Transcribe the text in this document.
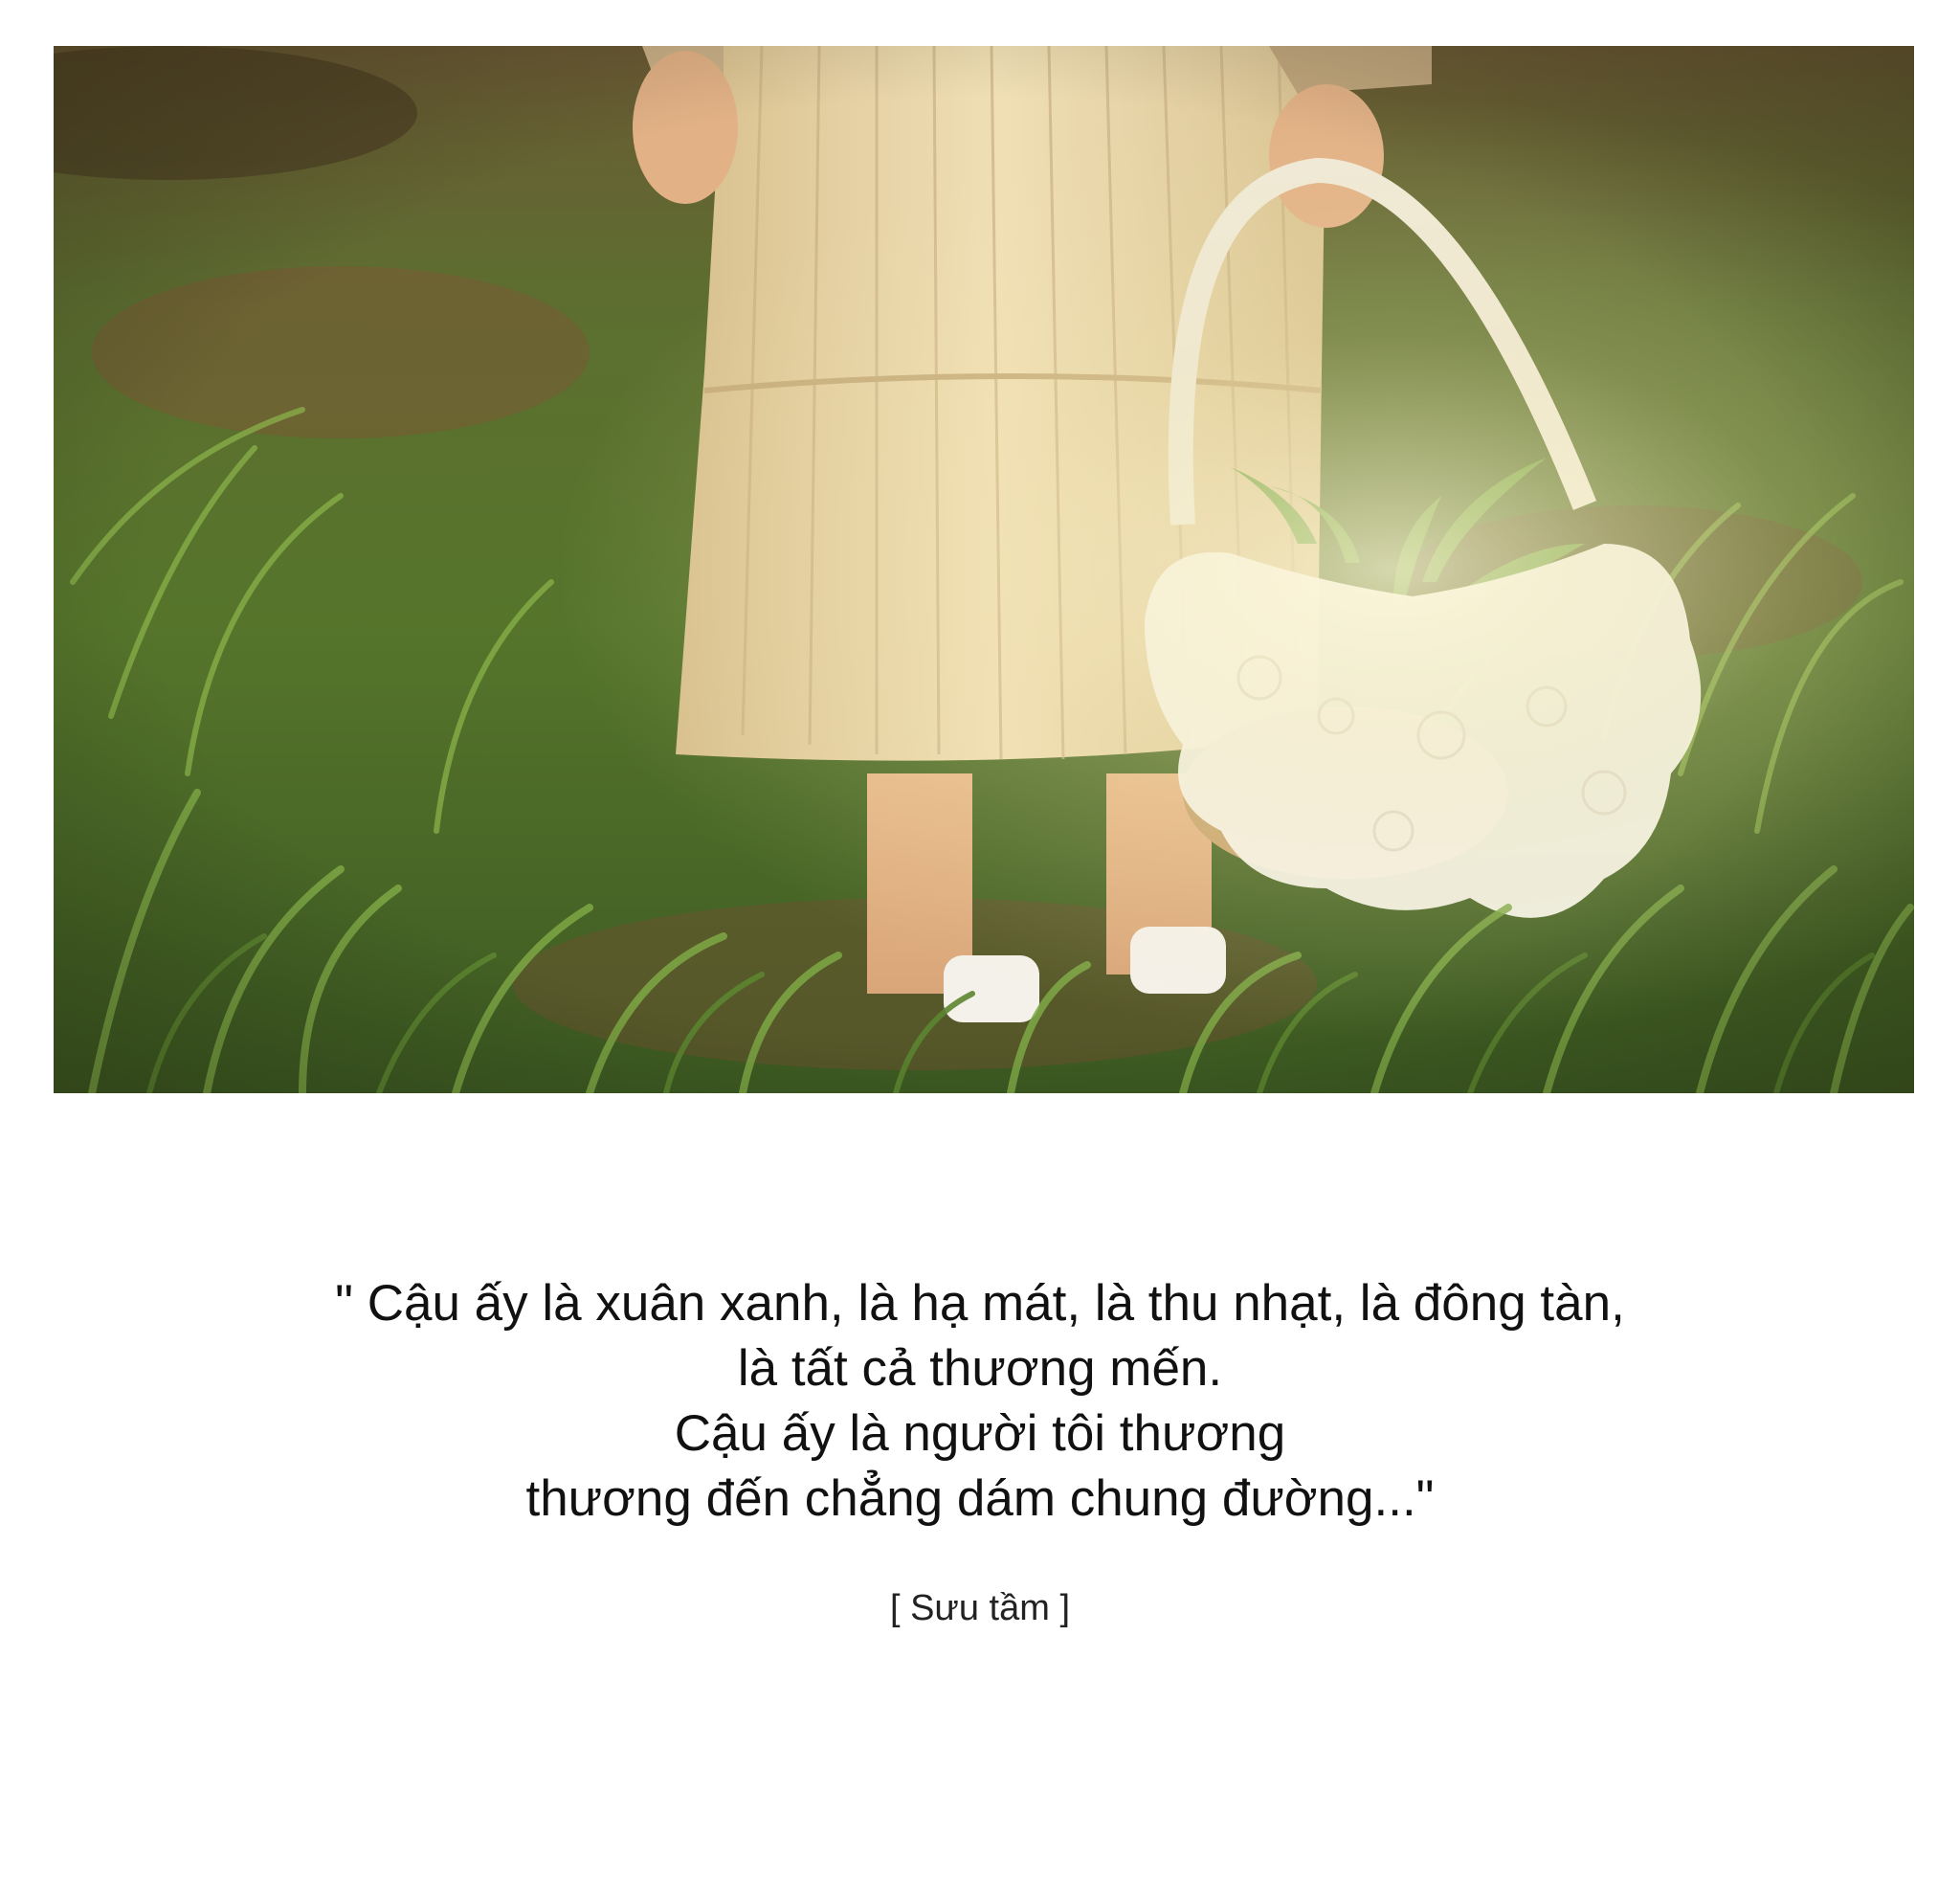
" Cậu ấy là xuân xanh, là hạ mát, là thu nhạt, là đông tàn,
là tất cả thương mến.
Cậu ấy là người tôi thương
thương đến chẳng dám chung đường..."
[ Sưu tầm ]
